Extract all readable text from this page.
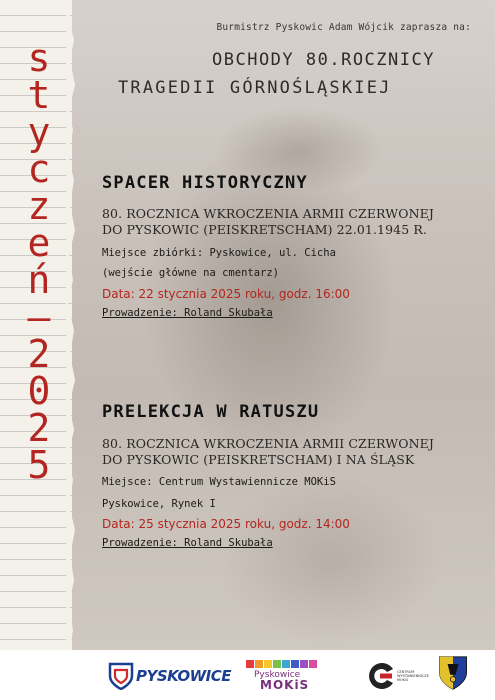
s
t
y
c
z
e
ń
–
2
0
2
5
Burmistrz Pyskowic Adam Wójcik zaprasza na:
OBCHODY 80.ROCZNICY
TRAGEDII GÓRNOŚLĄSKIEJ
SPACER HISTORYCZNY
80. ROCZNICA WKROCZENIA ARMII CZERWONEJ
DO PYSKOWIC (PEISKRETSCHAM) 22.01.1945 R.
Miejsce zbiórki: Pyskowice, ul. Cicha
(wejście główne na cmentarz)
Data: 22 stycznia 2025 roku, godz. 16:00
Prowadzenie: Roland Skubała
PRELEKCJA W RATUSZU
80. ROCZNICA WKROCZENIA ARMII CZERWONEJ
DO PYSKOWIC (PEISKRETSCHAM) I NA ŚLĄSK
Miejsce: Centrum Wystawiennicze MOKiS
Pyskowice, Rynek I
Data: 25 stycznia 2025 roku, godz. 14:00
Prowadzenie: Roland Skubała
PYSKOWICE	Pyskowice
MOKiS
CENTRUM WYSTAWIENNICZE MOKiS
